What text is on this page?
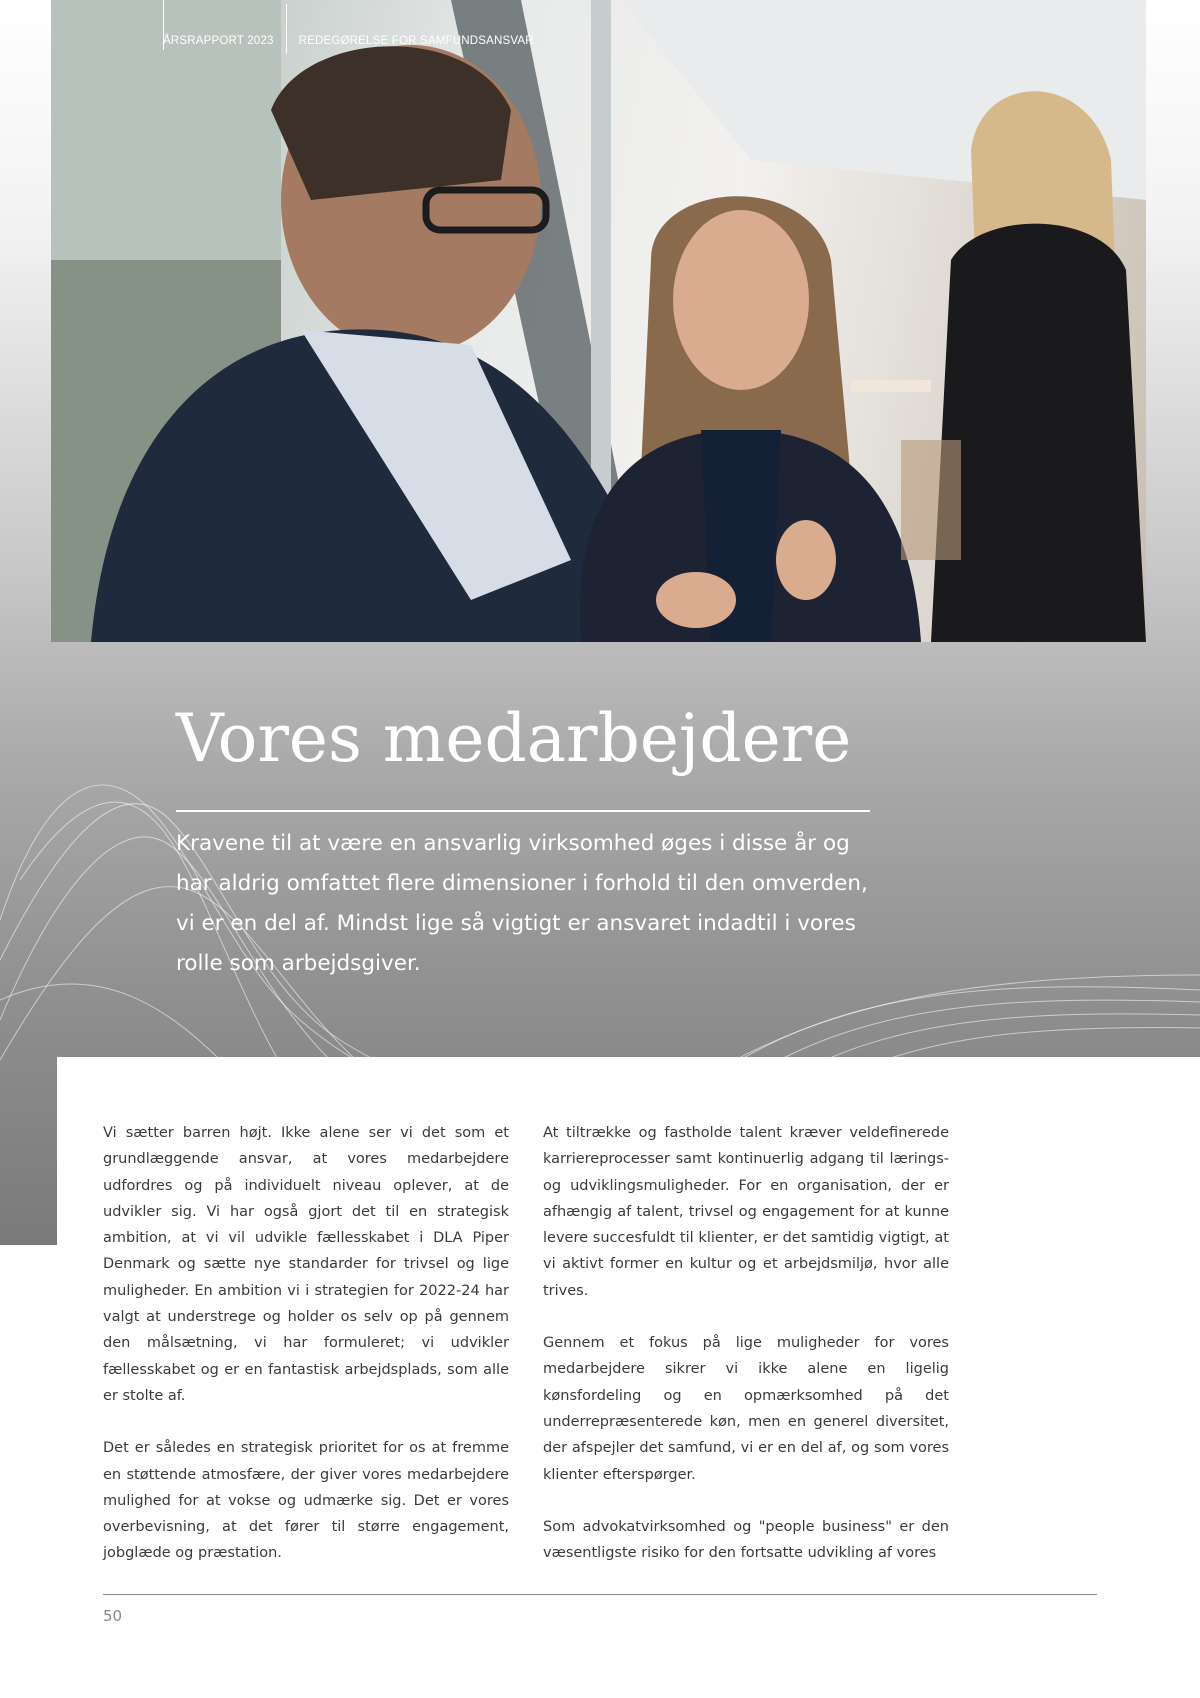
ÅRSRAPPORT 2023 REDEGØRELSE FOR SAMFUNDSANSVAR
Vores medarbejdere

Kravene til at være en ansvarlig virksomhed øges i disse år og har aldrig omfattet flere dimensioner i forhold til den omverden, vi er en del af. Mindst lige så vigtigt er ansvaret indadtil i vores rolle som arbejdsgiver.

Vi sætter barren højt. Ikke alene ser vi det som et grundlæggende ansvar, at vores medarbejdere udfordres og på individuelt niveau oplever, at de udvikler sig. Vi har også gjort det til en strategisk ambition, at vi vil udvikle fællesskabet i DLA Piper Denmark og sætte nye standarder for trivsel og lige muligheder. En ambition vi i strategien for 2022-24 har valgt at understrege og holder os selv op på gennem den målsætning, vi har formuleret; vi udvikler fællesskabet og er en fantastisk arbejdsplads, som alle er stolte af.

Det er således en strategisk prioritet for os at fremme en støttende atmosfære, der giver vores medarbejdere mulighed for at vokse og udmærke sig. Det er vores overbevisning, at det fører til større engagement, jobglæde og præstation.

At tiltrække og fastholde talent kræver veldefinerede karriereprocesser samt kontinuerlig adgang til lærings- og udviklingsmuligheder. For en organisation, der er afhængig af talent, trivsel og engagement for at kunne levere succesfuldt til klienter, er det samtidig vigtigt, at vi aktivt former en kultur og et arbejdsmiljø, hvor alle trives.

Gennem et fokus på lige muligheder for vores medarbejdere sikrer vi ikke alene en ligelig kønsfordeling og en opmærksomhed på det underrepræsenterede køn, men en generel diversitet, der afspejler det samfund, vi er en del af, og som vores klienter efterspørger.

Som advokatvirksomhed og "people business" er den væsentligste risiko for den fortsatte udvikling af vores

50
